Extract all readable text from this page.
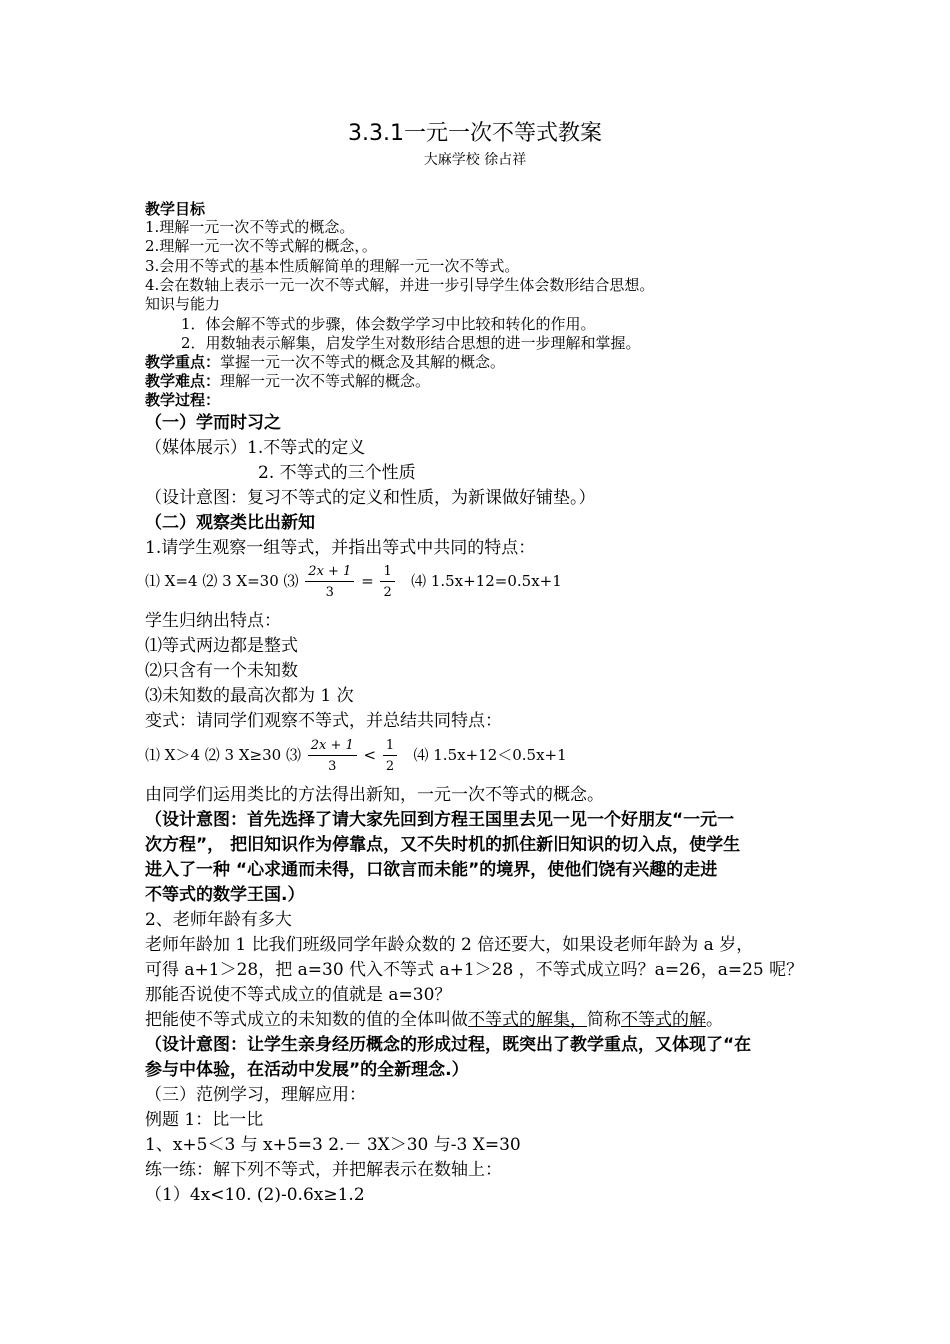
3.3.1一元一次不等式教案
大麻学校 徐占祥
教学目标
1.理解一元一次不等式的概念。
2.理解一元一次不等式解的概念，。
3.会用不等式的基本性质解简单的理解一元一次不等式。
4.会在数轴上表示一元一次不等式解，并进一步引导学生体会数形结合思想。
知识与能力
1．体会解不等式的步骤，体会数学学习中比较和转化的作用。
2．用数轴表示解集，启发学生对数形结合思想的进一步理解和掌握。
教学重点：掌握一元一次不等式的概念及其解的概念。
教学难点：理解一元一次不等式解的概念。
教学过程：
（一）学而时习之
（媒体展示）1.不等式的定义
2. 不等式的三个性质
（设计意图：复习不等式的定义和性质，为新课做好铺垫。）
（二）观察类比出新知
1.请学生观察一组等式，并指出等式中共同的特点：
⑴ X=4 ⑵ 3 X=30 ⑶ $\frac{2x + 1}{3} = \frac{1}{2}$ ⑷ 1.5x+12=0.5x+1
学生归纳出特点：
⑴等式两边都是整式
⑵只含有一个未知数
⑶未知数的最高次都为 1 次
变式：请同学们观察不等式，并总结共同特点：
⑴ X＞4 ⑵ 3 X≥30 ⑶ $\frac{2x + 1}{3} < \frac{1}{2}$ ⑷ 1.5x+12＜0.5x+1
由同学们运用类比的方法得出新知，一元一次不等式的概念。
（设计意图：首先选择了请大家先回到方程王国里去见一见一个好朋友“一元一
次方程”， 把旧知识作为停靠点，又不失时机的抓住新旧知识的切入点，使学生
进入了一种 “心求通而未得，口欲言而未能”的境界，使他们饶有兴趣的走进
不等式的数学王国.）
2、老师年龄有多大
老师年龄加 1 比我们班级同学年龄众数的 2 倍还要大，如果设老师年龄为 a 岁，
可得 a+1＞28，把 a=30 代入不等式 a+1＞28 ，不等式成立吗？a=26，a=25 呢？
那能否说使不等式成立的值就是 a=30？
把能使不等式成立的未知数的值的全体叫做不等式的解集，简称不等式的解。
（设计意图：让学生亲身经历概念的形成过程，既突出了教学重点，又体现了“在
参与中体验，在活动中发展”的全新理念.）
（三）范例学习，理解应用：
例题 1：比一比
1、x+5＜3 与 x+5=3 2.－ 3X＞30 与-3 X=30
练一练：解下列不等式，并把解表示在数轴上：
（1）4x<10. (2)-0.6x≥1.2
